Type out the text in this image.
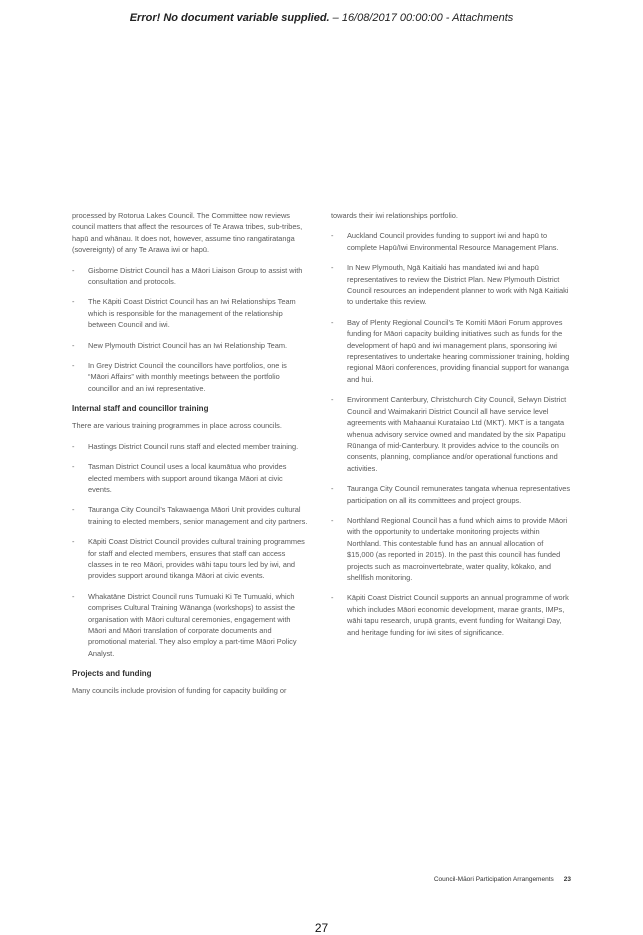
Error! No document variable supplied. – 16/08/2017 00:00:00 - Attachments

processed by Rotorua Lakes Council. The Committee now reviews council matters that affect the resources of Te Arawa tribes, sub-tribes, hapū and whānau. It does not, however, assume tino rangatiratanga (sovereignty) of any Te Arawa iwi or hapū.

- Gisborne District Council has a Māori Liaison Group to assist with consultation and protocols.
- The Kāpiti Coast District Council has an Iwi Relationships Team which is responsible for the management of the relationship between Council and iwi.
- New Plymouth District Council has an Iwi Relationship Team.
- In Grey District Council the councillors have portfolios, one is “Māori Affairs” with monthly meetings between the portfolio councillor and an iwi representative.
Internal staff and councillor training

There are various training programmes in place across councils.

- Hastings District Council runs staff and elected member training.
- Tasman District Council uses a local kaumātua who provides elected members with support around tikanga Māori at civic events.
- Tauranga City Council’s Takawaenga Māori Unit provides cultural training to elected members, senior management and city partners.
- Kāpiti Coast District Council provides cultural training programmes for staff and elected members, ensures that staff can access classes in te reo Māori, provides wāhi tapu tours led by iwi, and provides support around tikanga Māori at civic events.
- Whakatāne District Council runs Tumuaki Ki Te Tumuaki, which comprises Cultural Training Wānanga (workshops) to assist the organisation with Māori cultural ceremonies, engagement with Māori and Māori translation of corporate documents and promotional material. They also employ a part-time Māori Policy Analyst.
Projects and funding

Many councils include provision of funding for capacity building or

towards their iwi relationships portfolio.

- Auckland Council provides funding to support iwi and hapū to complete Hapū/Iwi Environmental Resource Management Plans.
- In New Plymouth, Ngā Kaitiaki has mandated iwi and hapū representatives to review the District Plan. New Plymouth District Council resources an independent planner to work with Ngā Kaitiaki to undertake this review.
- Bay of Plenty Regional Council’s Te Komiti Māori Forum approves funding for Māori capacity building initiatives such as funds for the development of hapū and iwi management plans, sponsoring iwi representatives to undertake hearing commissioner training, holding regional Māori conferences, providing financial support for wananga and hui.
- Environment Canterbury, Christchurch City Council, Selwyn District Council and Waimakariri District Council all have service level agreements with Mahaanui Kurataiao Ltd (MKT). MKT is a tangata whenua advisory service owned and mandated by the six Papatipu Rūnanga of mid-Canterbury. It provides advice to the councils on consents, planning, compliance and/or operational functions and activities.
- Tauranga City Council remunerates tangata whenua representatives participation on all its committees and project groups.
- Northland Regional Council has a fund which aims to provide Māori with the opportunity to undertake monitoring projects within Northland. This contestable fund has an annual allocation of $15,000 (as reported in 2015). In the past this council has funded projects such as macroinvertebrate, water quality, kōkako, and shellfish monitoring.
- Kāpiti Coast District Council supports an annual programme of work which includes Māori economic development, marae grants, IMPs, wāhi tapu research, urupā grants, event funding for Waitangi Day, and heritage funding for iwi sites of significance.
Council-Māori Participation Arrangements 23
27
